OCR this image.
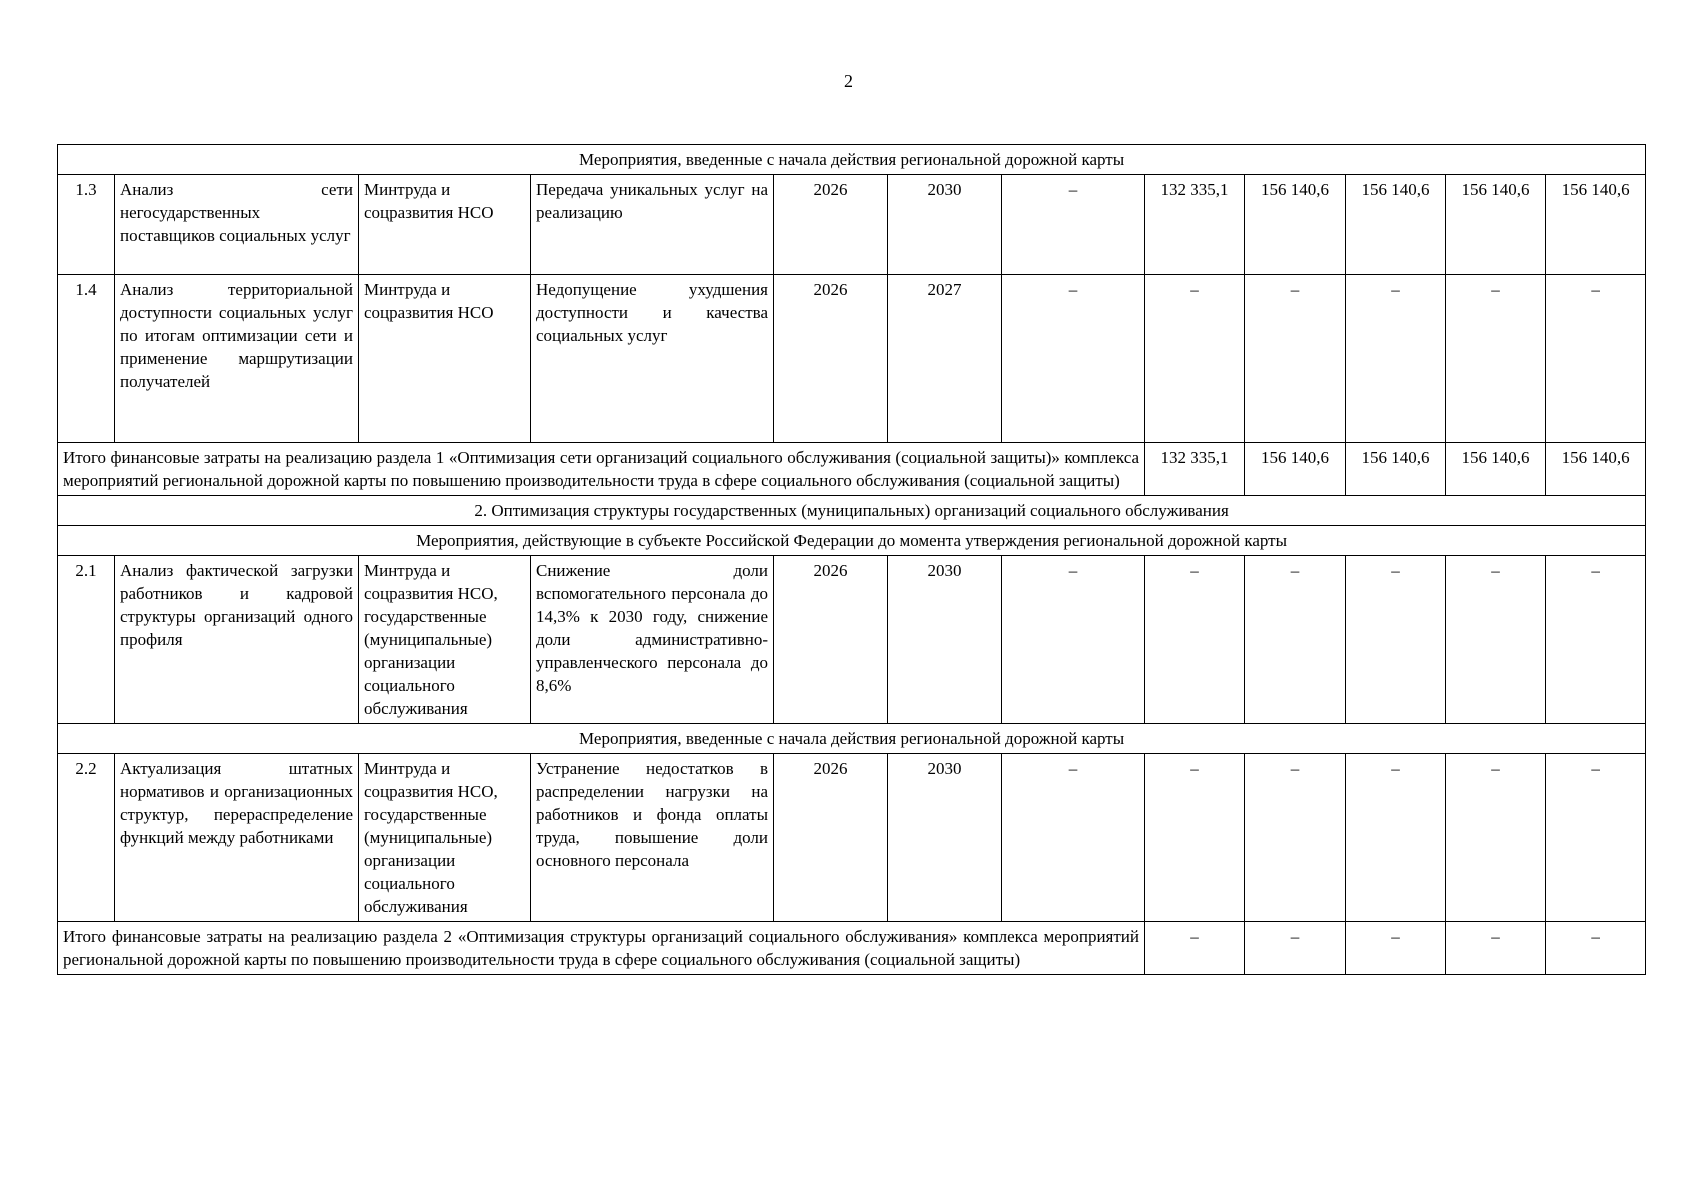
2
Мероприятия, введенные с начала действия региональной дорожной карты											
1.3	Анализ сети негосударственных поставщиков социальных услуг	Минтруда и соцразвития НСО	Передача уникальных услуг на реализацию	2026	2030	–	132 335,1	156 140,6	156 140,6	156 140,6	156 140,6
1.4	Анализ территориальной доступности социальных услуг по итогам оптимизации сети и применение маршрутизации получателей	Минтруда и соцразвития НСО	Недопущение ухудшения доступности и качества социальных услуг	2026	2027	–	–	–	–	–	–
Итого финансовые затраты на реализацию раздела 1 «Оптимизация сети организаций социального обслуживания (социальной защиты)» комплекса мероприятий региональной дорожной карты по повышению производительности труда в сфере социального обслуживания (социальной защиты)							132 335,1	156 140,6	156 140,6	156 140,6	156 140,6
2. Оптимизация структуры государственных (муниципальных) организаций социального обслуживания											
Мероприятия, действующие в субъекте Российской Федерации до момента утверждения региональной дорожной карты											
2.1	Анализ фактической загрузки работников и кадровой структуры организаций одного профиля	Минтруда и соцразвития НСО, государственные (муниципальные) организации социального обслуживания	Снижение доли вспомогательного персонала до 14,3% к 2030 году, снижение доли административно-управленческого персонала до 8,6%	2026	2030	–	–	–	–	–	–
Мероприятия, введенные с начала действия региональной дорожной карты											
2.2	Актуализация штатных нормативов и организационных структур, перераспределение функций между работниками	Минтруда и соцразвития НСО, государственные (муниципальные) организации социального обслуживания	Устранение недостатков в распределении нагрузки на работников и фонда оплаты труда, повышение доли основного персонала	2026	2030	–	–	–	–	–	–
Итого финансовые затраты на реализацию раздела 2 «Оптимизация структуры организаций социального обслуживания» комплекса мероприятий региональной дорожной карты по повышению производительности труда в сфере социального обслуживания (социальной защиты)							–	–	–	–	–
